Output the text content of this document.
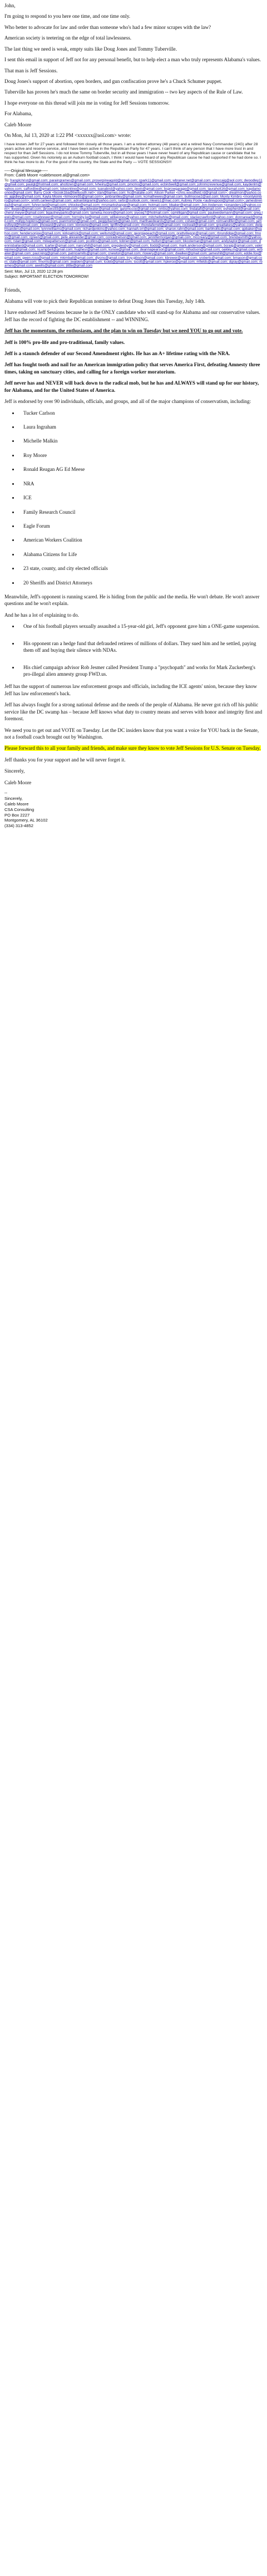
John,

I'm going to respond to you here one time, and one time only.

Who better to advocate for law and order than someone who's had a few minor scrapes with the law?

American society is teetering on the edge of total lawlessness.

The last thing we need is weak, empty suits like Doug Jones and Tommy Tuberville.

I sent this email in support of Jeff not for any personal benefit, but to help elect a man who truly represents Alabama's values.

That man is Jeff Sessions.

Doug Jones's support of abortion, open borders, and gun confiscation prove he's a Chuck Schumer puppet.

Tuberville has proven he's much the same on border security and immigration -- two key aspects of the Rule of Law.

I hope everyone on this thread will join me in voting for Jeff Sessions tomorrow.

For Alabama,

Caleb Moore

On Mon, Jul 13, 2020 at 1:22 PM <xxxxxx@aol.com> wrote:

I have known Jeff for 27 years and followed him closely all those years. I am a retired attorney (48 years) and a retired Navy Commander (24G) after 28 years active and reserve service, and I have been active in the Republican Party for 47 years. I can't think of any person that I have more trust in and respect for than Jeff Sessions. I do not know Tommy Tuberville, but in all those years I have never heard of any Republican cause or candidate that he has supported. Given his notoriety as an Auburn football coach, I think I would have heard of any Republican cause he had supported if he had done so. I think he has more to do. For the good of the country, the State and the Party — VOTE SESSIONS!!!
-----Original Message-----
From: Caleb Moore <calebmoore.al@gmail.com>
To: frangilchrist@gmail.com; paraingrames@gmail.com; proserpineagold@gmail.com; cpark11@gmail.com; wbraner.net@gmail.com; elmccaig@aol.com; dwoodley11@gmail.com; paulgt@hotmail.com; ahcitizen@gmail.com; lvheiny@gmail.com; pmcmo@gmail.com; ecbirdwell@gmail.com; johnmcrevenue@gmail.com; kaydenlm@yahoo.com; saffordbw@gmail.com; tokeonline@gmail.com; luanabird@yahoo.com; jlevin@gmail.com; bsprowgarage@gmail.com; lauraholt16@gmail.com; kaydamoonoe@gmail.com; Barry Cook <bcook1ba@bellsouth.net>; stan@barnes.com; hc@hatalie.com; Alison Parker <chris.woodfield.rd@gmail.com>; drealmon@yahoo.com; ajgidley@ymail.com; Kayla Moore <klmoore55@gmail.com>; janbrantley@gmail.com; kcmathewes@gmail.com; bullmoose2@aol.com; Monty Kimbro <montykimbro@gmail.com>; smith.carleen@gmail.com; adnanbilgrami@yahoo.com; rarbr@outlook.com; nlewis1@mac.com; Aubrey Poole <aubreypool@gmail.com>; jamesbrenda3@gmail.com; fuhrer.ted@gmail.com; chlocke@gmail.com; mrsmarksharper@gmail.com; hotmail.com; bbaker@gmail.com; Jon Anderson <jonanders1@yahoo.com>; tkeyes@gmail.com; jbrooks93@gmail.com; dkgoldwater@gmail.com; garymccoy@gmail.com; nmbs@yahoo.com; lindataft@gmail.com; eshepherd@gmail.com; cheryl.meyer@gmail.com; bgautneyparks@gmail.com; tameka.moore@gmail.com; joyceg7@hotmail.com; cqmilligan@gmail.com; paulweidemann@gmail.com; greg.lewis@gmail.com; rosebrewer@gmail.com; hornsby.jw@gmail.com; williejones@yahoo.com; mitchellwhite@gmail.com; staciecrawford@yahoo.com; donnaread@gmail.com; hollyg.hopkins@gmail.com; joanmorton@gmail.com; peggybarrett@gmail.com; marthaedwards@gmail.com; cshaw@gmail.com; tomsandifer@gmail.com; jamesfloyd@hotmail.com; jlhoward@yahoo.com; kbrowne@gmail.com; lgriffin@gmail.com; rhondaferrell@gmail.com; rockwall@gmail.com; greatlakes@yahoo.com; dwightsanders@gmail.com; lynnrwilliams@gmail.com; richardjenkins@yahoo.com; hannah.orr@gmail.com; sharon.rahn@gmail.com; barbhollis@gmail.com; gpbaker@yahoo.com; hendersonjoe@gmail.com; kirkpatrick@gmail.com; wellsmd@gmail.com; georgiapeach@gmail.com; prattvillegop@gmail.com; rbrundidge@gmail.com; fmoss@gmail.com; rgreen@gmail.com; pete.alexander@gmail.com; conradnelson@gmail.com; jennifermorgan@gmail.com; mccreary@gmail.com; brendasmith@yahoo.com; rstarr@gmail.com; mikepatterson@gmail.com; pcollins@gmail.com; tobrien@gmail.com; hullsm@gmail.com; bkcoleman@gmail.com; andytaylor@gmail.com; dennisballard@gmail.com; tcarter@gmail.com; nancyhill@gmail.com; gregglesby@gmail.com; ltodd@gmail.com; mark.anderson@gmail.com; bcraig@gmail.com; valeriejones@gmail.com; ncampbell@gmail.com; hughesr@gmail.com; ksnow@gmail.com; deannapearson@gmail.com; mhudson@gmail.com; oakley.m@gmail.com; wrbaker@gmail.com; paul.king@gmail.com; patriciamills@gmail.com; cnewton@gmail.com; rlowery@gmail.com; dwalker@gmail.com; jameshill@gmail.com; eddie.fox@gmail.com; gwen.ross@gmail.com; mkimball@gmail.com; dlyons@gmail.com; troy.gibson@gmail.com; kbrewer@gmail.com; sroberts@gmail.com; bmason@gmail.com; ctate@gmail.com; fmorris@gmail.com; jwalden@gmail.com; lcobb@gmail.com; tscott@gmail.com; hpierce@gmail.com; mfields@gmail.com; dgray@gmail.com; rbarnes@gmail.com; awells@gmail.com; jlittle@gmail.com
Sent: Mon, Jul 13, 2020 12:28 pm
Subject: IMPORTANT ELECTION TOMORROW!

Friends,

Alabama will vote to pick their Republican nominee to defeat Doug Jones this Tuesday, July 14th.

I have endorsed Jeff Sessions because he is the ONLY candidate who will stand-up for Alabama and our conservative values. Jeff has the record of fighting the DC establishment -- and WINNING.

Jeff has the momentum, the enthusiasm, and the plan to win on Tuesday but we need YOU to go out and vote.

Jeff is 100% pro-life and pro-traditional, family values.

Jeff is a staunch defender of our Second Amendment rights. He has an A+ lifetime rating with the NRA.

Jeff has fought tooth and nail for an American immigration policy that serves America First, defeating Amnesty three times, taking on sanctuary cities, and calling for a foreign worker moratorium.

Jeff never has and NEVER will back down to the radical mob, but he has and ALWAYS will stand up for our history, for Alabama, and for the United States of America.

Jeff is endorsed by over 90 individuals, officials, and groups, and all of the major champions of conservatism, including:

• Tucker Carlson
• Laura Ingraham
• Michelle Malkin
• Roy Moore
• Ronald Reagan AG Ed Meese
• NRA
• ICE
• Family Research Council
• Eagle Forum
• American Workers Coalition
• Alabama Citizens for Life
• 23 state, county, and city elected officials
• 20 Sheriffs and District Attorneys

Meanwhile, Jeff's opponent is running scared. He is hiding from the public and the media. He won't debate. He won't answer questions and he won't explain.

And he has a lot of explaining to do.

• One of his football players sexually assaulted a 15-year-old girl, Jeff's opponent gave him a ONE-game suspension.
• His opponent ran a hedge fund that defrauded retirees of millions of dollars. They sued him and he settled, paying them off and buying their silence with NDAs.
• His chief campaign advisor Rob Jesmer called President Trump a "psychopath" and works for Mark Zuckerberg's pro-illegal alien amnesty group FWD.us.

Jeff has the support of numerous law enforcement groups and officials, including the ICE agents' union, because they know Jeff has law enforcement's back.

Jeff has always fought for a strong national defense and the needs of the people of Alabama. He never got rich off his public service like the DC swamp has – because Jeff knows what duty to country means and serves with honor and integrity first and foremost.

We need you to get out and VOTE on Tuesday. Let the DC insiders know that you want a voice for YOU back in the Senate, not a football coach brought out by Washington.

Please forward this to all your family and friends, and make sure they know to vote Jeff Sessions for U.S. Senate on Tuesday.

Jeff thanks you for your support and he will never forget it.

Sincerely,

Caleb Moore

--
Sincerely,
Caleb Moore
CSA Consulting
PO Box 2227
Montgomery, AL 36102
(334) 313-4852
